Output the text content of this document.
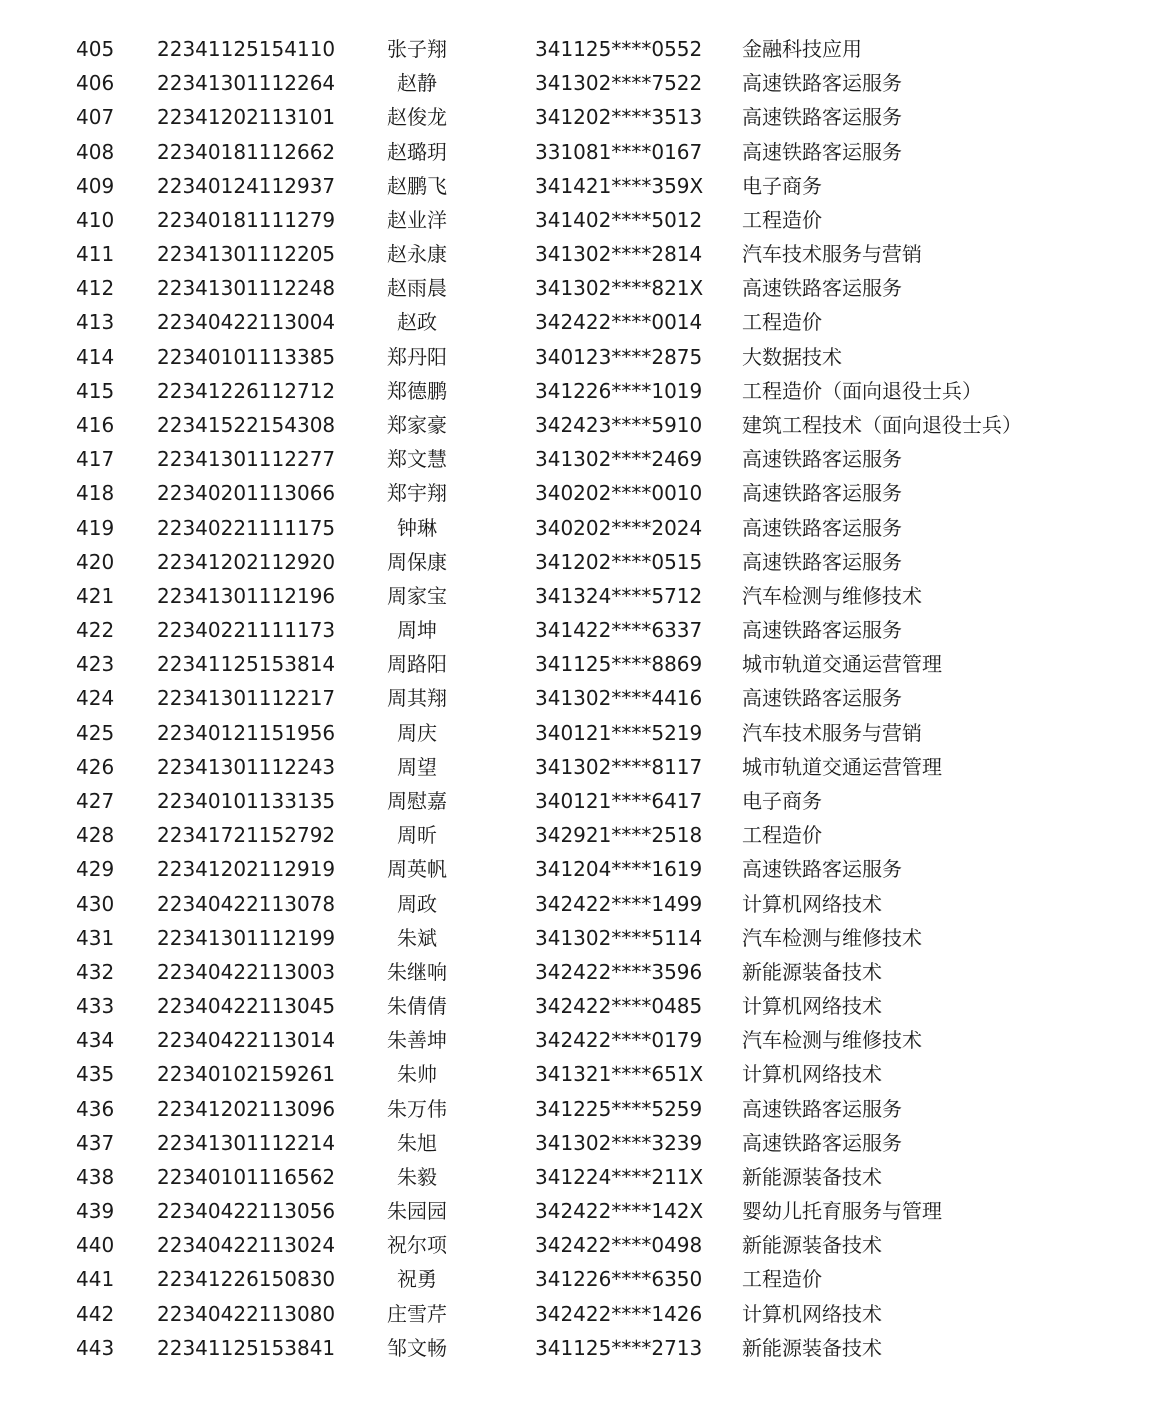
405 22341125154110	张子翔	341125****0552 金融科技应用
406 22341301112264	赵静	341302****7522 高速铁路客运服务
407 22341202113101	赵俊龙	341202****3513 高速铁路客运服务
408 22340181112662	赵璐玥	331081****0167 高速铁路客运服务
409 22340124112937	赵鹏飞	341421****359X 电子商务
410 22340181111279	赵业洋	341402****5012 工程造价
411 22341301112205	赵永康	341302****2814 汽车技术服务与营销
412 22341301112248	赵雨晨	341302****821X 高速铁路客运服务
413 22340422113004	赵政	342422****0014 工程造价
414 22340101113385	郑丹阳	340123****2875 大数据技术
415 22341226112712	郑德鹏	341226****1019 工程造价（面向退役士兵）
416 22341522154308	郑家豪	342423****5910 建筑工程技术（面向退役士兵）
417 22341301112277	郑文慧	341302****2469 高速铁路客运服务
418 22340201113066	郑宇翔	340202****0010 高速铁路客运服务
419 22340221111175	钟琳	340202****2024 高速铁路客运服务
420 22341202112920	周保康	341202****0515 高速铁路客运服务
421 22341301112196	周家宝	341324****5712 汽车检测与维修技术
422 22340221111173	周坤	341422****6337 高速铁路客运服务
423 22341125153814	周路阳	341125****8869 城市轨道交通运营管理
424 22341301112217	周其翔	341302****4416 高速铁路客运服务
425 22340121151956	周庆	340121****5219 汽车技术服务与营销
426 22341301112243	周望	341302****8117 城市轨道交通运营管理
427 22340101133135	周慰嘉	340121****6417 电子商务
428 22341721152792	周昕	342921****2518 工程造价
429 22341202112919	周英帆	341204****1619 高速铁路客运服务
430 22340422113078	周政	342422****1499 计算机网络技术
431 22341301112199	朱斌	341302****5114 汽车检测与维修技术
432 22340422113003	朱继响	342422****3596 新能源装备技术
433 22340422113045	朱倩倩	342422****0485 计算机网络技术
434 22340422113014	朱善坤	342422****0179 汽车检测与维修技术
435 22340102159261	朱帅	341321****651X 计算机网络技术
436 22341202113096	朱万伟	341225****5259 高速铁路客运服务
437 22341301112214	朱旭	341302****3239 高速铁路客运服务
438 22340101116562	朱毅	341224****211X 新能源装备技术
439 22340422113056	朱园园	342422****142X 婴幼儿托育服务与管理
440 22340422113024	祝尔项	342422****0498 新能源装备技术
441 22341226150830	祝勇	341226****6350 工程造价
442 22340422113080	庄雪芹	342422****1426 计算机网络技术
443 22341125153841	邹文畅	341125****2713 新能源装备技术
